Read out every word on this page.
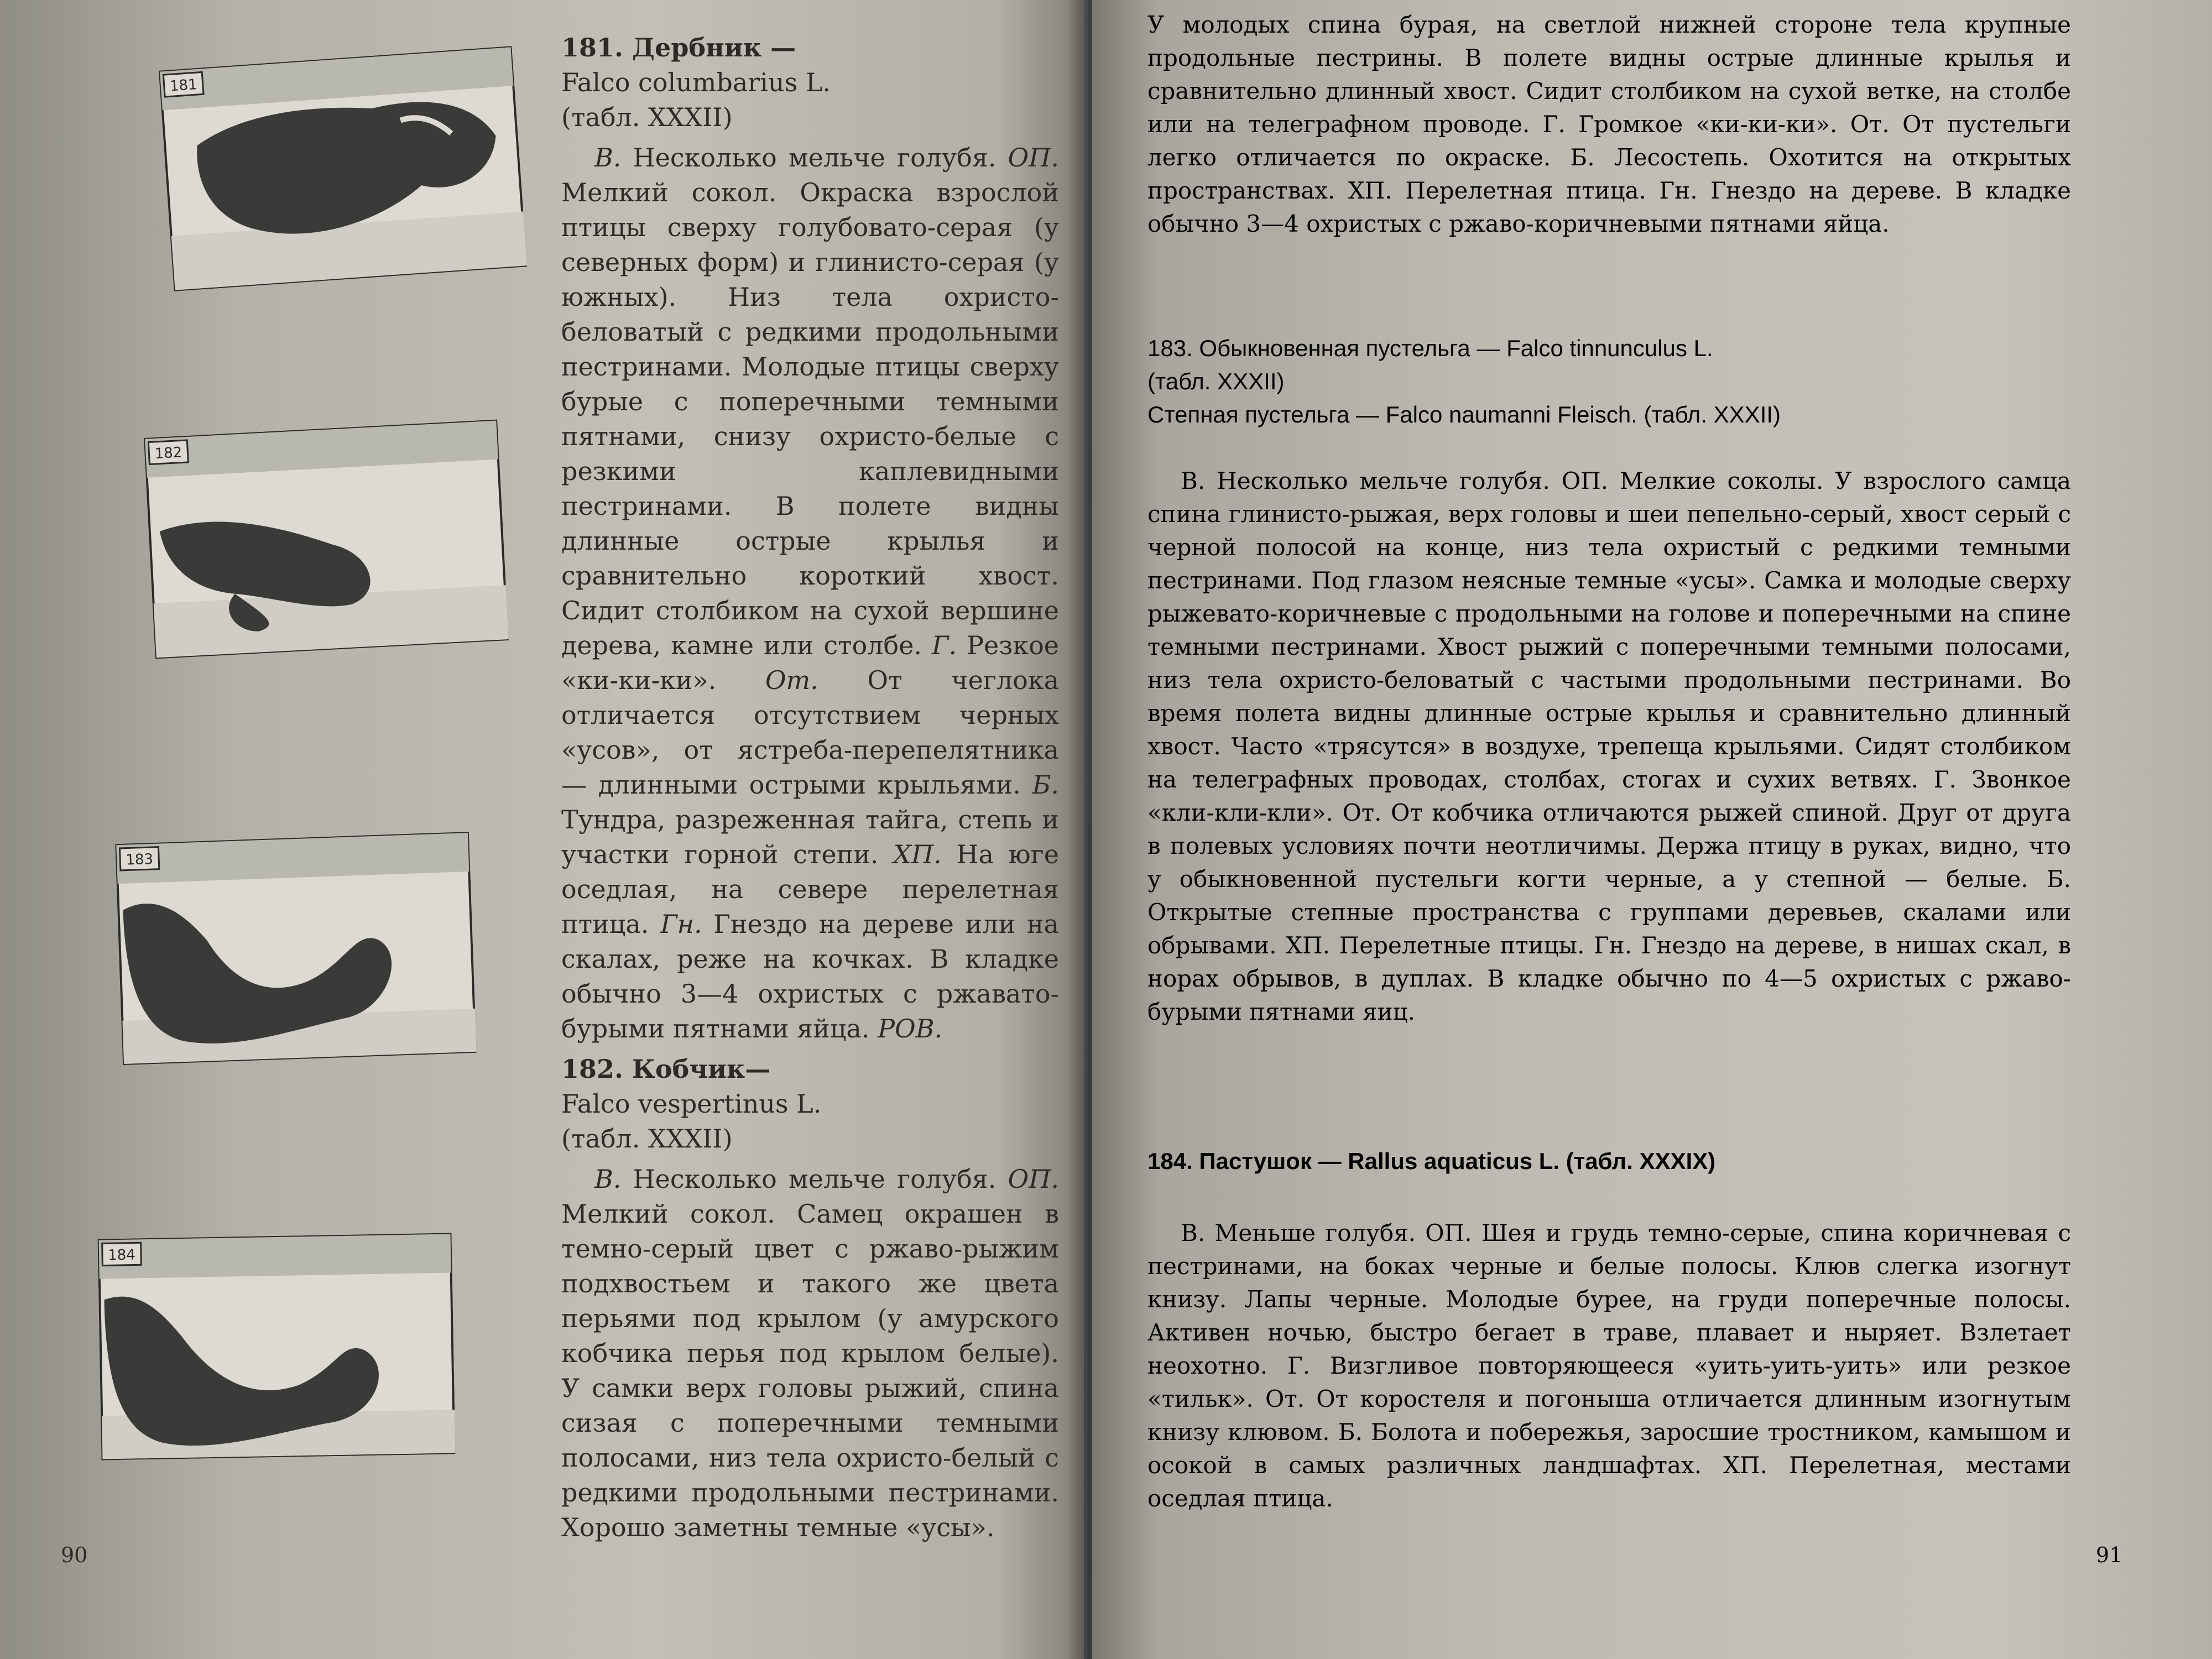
181
182
183
184
181. Дербник —
Falco columbarius L.
(табл. XXXII)

В. Несколько мельче голубя. ОП. Мелкий сокол. Окраска взрослой птицы сверху голубовато-серая (у северных форм) и глинисто-серая (у южных). Низ тела охристо-беловатый с редкими продольными пестринами. Молодые птицы сверху бурые с поперечными темными пятнами, снизу охристо-белые с резкими каплевидными пестринами. В полете видны длинные острые крылья и сравнительно короткий хвост. Сидит столбиком на сухой вершине дерева, камне или столбе. Г. Резкое «ки-ки-ки». От. От чеглока отличается отсутствием черных «усов», от ястреба-перепелятника — длинными острыми крыльями. Б. Тундра, разреженная тайга, степь и участки горной степи. ХП. На юге оседлая, на севере перелетная птица. Гн. Гнездо на дереве или на скалах, реже на кочках. В кладке обычно 3—4 охристых с ржавато-бурыми пятнами яйца. РОВ.

182. Кобчик—
Falco vespertinus L.
(табл. XXXII)

В. Несколько мельче голубя. ОП. Мелкий сокол. Самец окрашен в темно-серый цвет с ржаво-рыжим подхвостьем и такого же цвета перьями под крылом (у амурского кобчика перья под крылом белые). У самки верх головы рыжий, спина сизая с поперечными темными полосами, низ тела охристо-белый с редкими продольными пестринами. Хорошо заметны темные «усы».

90

У молодых спина бурая, на светлой нижней стороне тела крупные продольные пестрины. В полете видны острые длинные крылья и сравнительно длинный хвост. Сидит столбиком на сухой ветке, на столбе или на телеграфном проводе. Г. Громкое «ки-ки-ки». От. От пустельги легко отличается по окраске. Б. Лесостепь. Охотится на открытых пространствах. ХП. Перелетная птица. Гн. Гнездо на дереве. В кладке обычно 3—4 охристых с ржаво-коричневыми пятнами яйца.

183. Обыкновенная пустельга — Falco tinnunculus L.

(табл. XXXII)

Степная пустельга — Falco naumanni Fleisch. (табл. XXXII)

В. Несколько мельче голубя. ОП. Мелкие соколы. У взрослого самца спина глинисто-рыжая, верх головы и шеи пепельно-серый, хвост серый с черной полосой на конце, низ тела охристый с редкими темными пестринами. Под глазом неясные темные «усы». Самка и молодые сверху рыжевато-коричневые с продольными на голове и поперечными на спине темными пестринами. Хвост рыжий с поперечными темными полосами, низ тела охристо-беловатый с частыми продольными пестринами. Во время полета видны длинные острые крылья и сравнительно длинный хвост. Часто «трясутся» в воздухе, трепеща крыльями. Сидят столбиком на телеграфных проводах, столбах, стогах и сухих ветвях. Г. Звонкое «кли-кли-кли». От. От кобчика отличаются рыжей спиной. Друг от друга в полевых условиях почти неотличимы. Держа птицу в руках, видно, что у обыкновенной пустельги когти черные, а у степной — белые. Б. Открытые степные пространства с группами деревьев, скалами или обрывами. ХП. Перелетные птицы. Гн. Гнездо на дереве, в нишах скал, в норах обрывов, в дуплах. В кладке обычно по 4—5 охристых с ржаво-бурыми пятнами яиц.

184. Пастушок — Rallus aquaticus L. (табл. XXXIX)

В. Меньше голубя. ОП. Шея и грудь темно-серые, спина коричневая с пестринами, на боках черные и белые полосы. Клюв слегка изогнут книзу. Лапы черные. Молодые бурее, на груди поперечные полосы. Активен ночью, быстро бегает в траве, плавает и ныряет. Взлетает неохотно. Г. Визгливое повторяющееся «уить-уить-уить» или резкое «тильк». От. От коростеля и погоныша отличается длинным изогнутым книзу клювом. Б. Болота и побережья, заросшие тростником, камышом и осокой в самых различных ландшафтах. ХП. Перелетная, местами оседлая птица.

91
